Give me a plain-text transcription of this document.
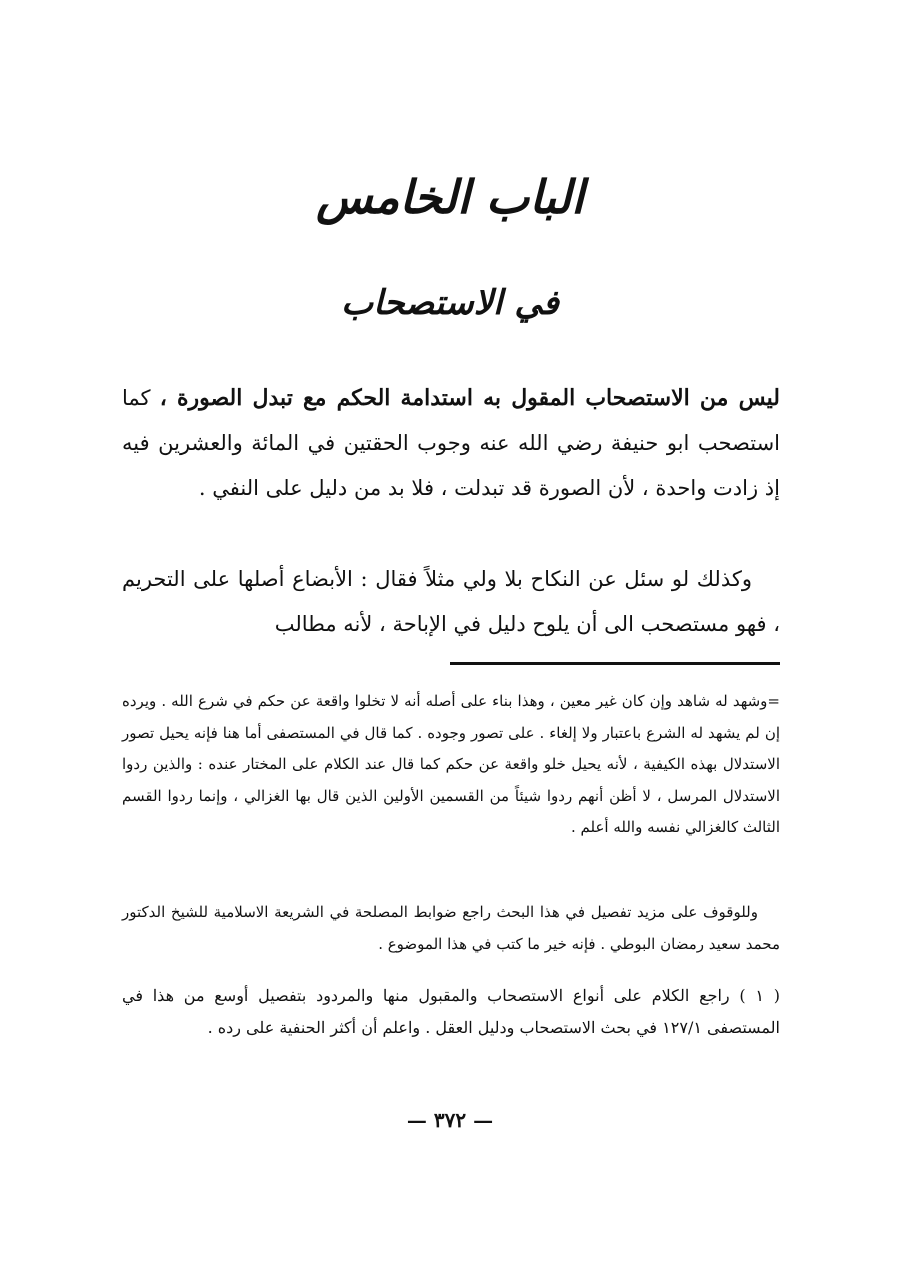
الباب الخامس
في الاستصحاب
ليس من الاستصحاب المقول به استدامة الحكم مع تبدل الصورة ، كما استصحب ابو حنيفة رضي الله عنه وجوب الحقتين في المائة والعشرين فيه إذ زادت واحدة ، لأن الصورة قد تبدلت ، فلا بد من دليل على النفي .
وكذلك لو سئل عن النكاح بلا ولي مثلاً فقال : الأبضاع أصلها على التحريم ، فهو مستصحب الى أن يلوح دليل في الإباحة ، لأنه مطالب
=وشهد له شاهد وإن كان غير معين ، وهذا بناء على أصله أنه لا تخلوا واقعة عن حكم في شرع الله . ويرده إن لم يشهد له الشرع باعتبار ولا إلغاء . على تصور وجوده . كما قال في المستصفى أما هنا فإنه يحيل تصور الاستدلال بهذه الكيفية ، لأنه يحيل خلو واقعة عن حكم كما قال عند الكلام على المختار عنده : والذين ردوا الاستدلال المرسل ، لا أظن أنهم ردوا شيئاً من القسمين الأولين الذين قال بها الغزالي ، وإنما ردوا القسم الثالث كالغزالي نفسه والله أعلم .
وللوقوف على مزيد تفصيل في هذا البحث راجع ضوابط المصلحة في الشريعة الاسلامية للشيخ الدكتور محمد سعيد رمضان البوطي . فإنه خير ما كتب في هذا الموضوع .
( ١ ) راجع الكلام على أنواع الاستصحاب والمقبول منها والمردود بتفصيل أوسع من هذا في المستصفى ١٢٧/١ في بحث الاستصحاب ودليل العقل . واعلم أن أكثر الحنفية على رده .
— ٣٧٢ —
